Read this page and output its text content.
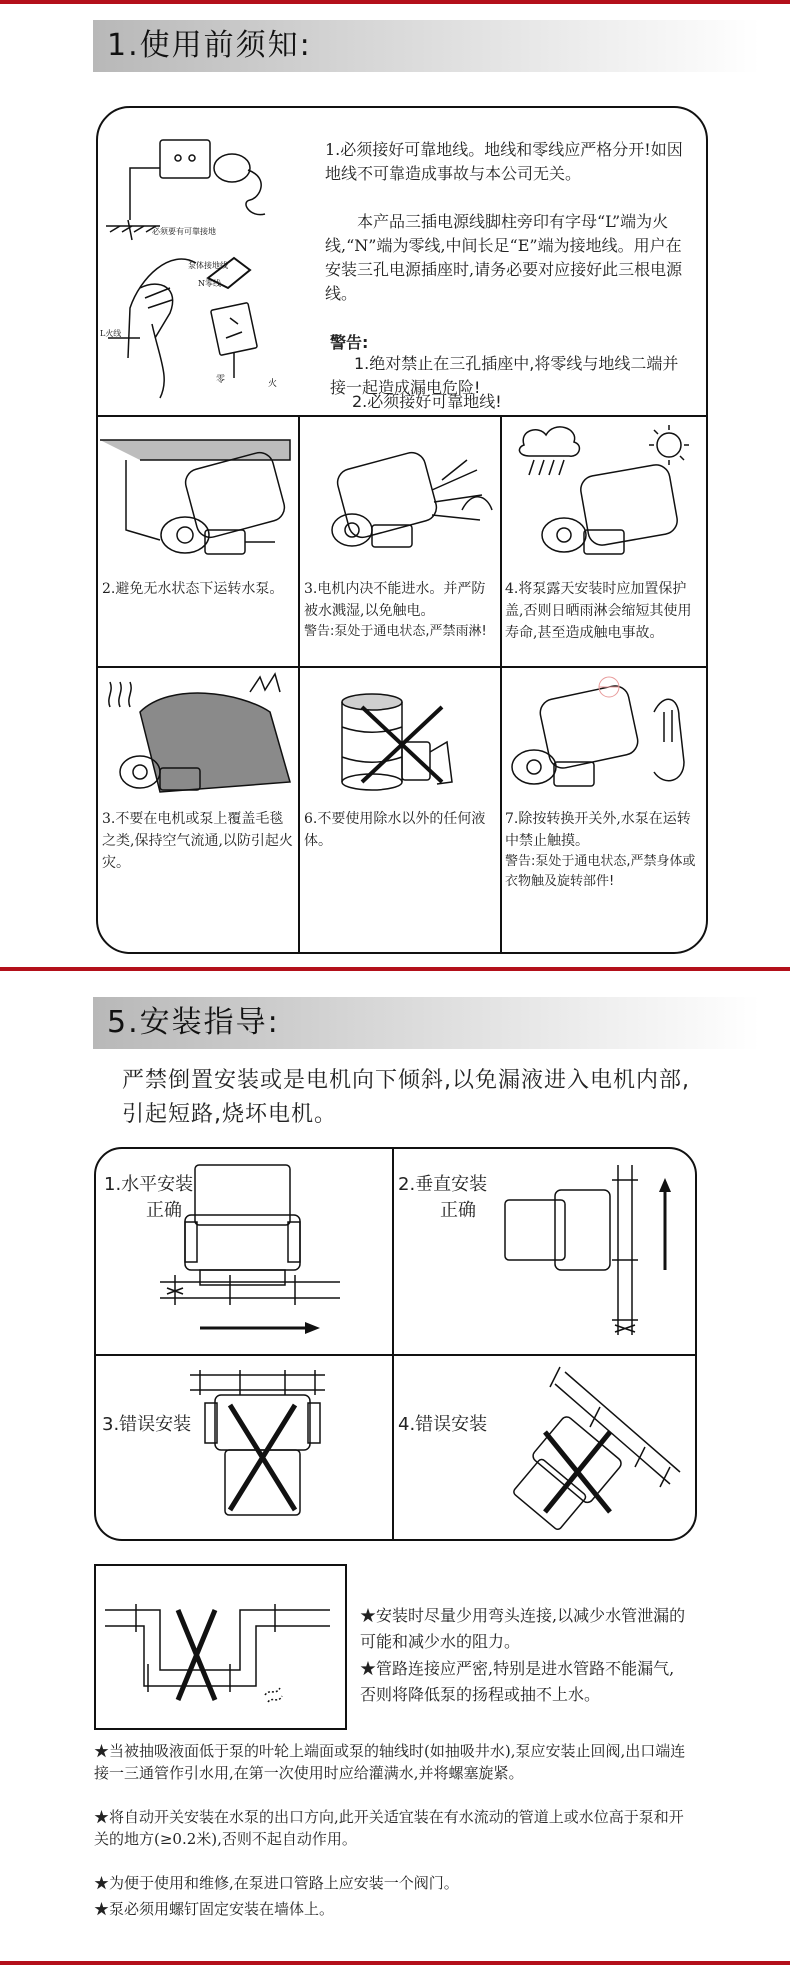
1.使用前须知:
必须要有可靠接地
泵体接地线
N零线
L火线
零	火
1.必须接好可靠地线。地线和零线应严格分开!如因地线不可靠造成事故与本公司无关。
本产品三插电源线脚柱旁印有字母“L”端为火线,“N”端为零线,中间长足“E”端为接地线。用户在安装三孔电源插座时,请务必要对应接好此三根电源线。
警告:
1.绝对禁止在三孔插座中,将零线与地线二端并接一起造成漏电危险!
2.必须接好可靠地线!
2.避免无水状态下运转水泵。	3.电机内决不能进水。并严防被水溅湿,以免触电。
警告:泵处于通电状态,严禁雨淋!
4.将泵露天安装时应加置保护盖,否则日晒雨淋会缩短其使用寿命,甚至造成触电事故。
3.不要在电机或泵上覆盖毛毯之类,保持空气流通,以防引起火灾。
6.不要使用除水以外的任何液体。
7.除按转换开关外,水泵在运转中禁止触摸。
警告:泵处于通电状态,严禁身体或衣物触及旋转部件!
5.安装指导:
严禁倒置安装或是电机向下倾斜,以免漏液进入电机内部,引起短路,烧坏电机。
1.水平安装
正确
2.垂直安装
正确
3.错误安装	4.错误安装
★安装时尽量少用弯头连接,以减少水管泄漏的可能和减少水的阻力。
★管路连接应严密,特别是进水管路不能漏气,否则将降低泵的扬程或抽不上水。
★当被抽吸液面低于泵的叶轮上端面或泵的轴线时(如抽吸井水),泵应安装止回阀,出口端连接一三通管作引水用,在第一次使用时应给灌满水,并将螺塞旋紧。
★将自动开关安装在水泵的出口方向,此开关适宜装在有水流动的管道上或水位高于泵和开关的地方(≥0.2米),否则不起自动作用。
★为便于使用和维修,在泵进口管路上应安装一个阀门。
★泵必须用螺钉固定安装在墙体上。
